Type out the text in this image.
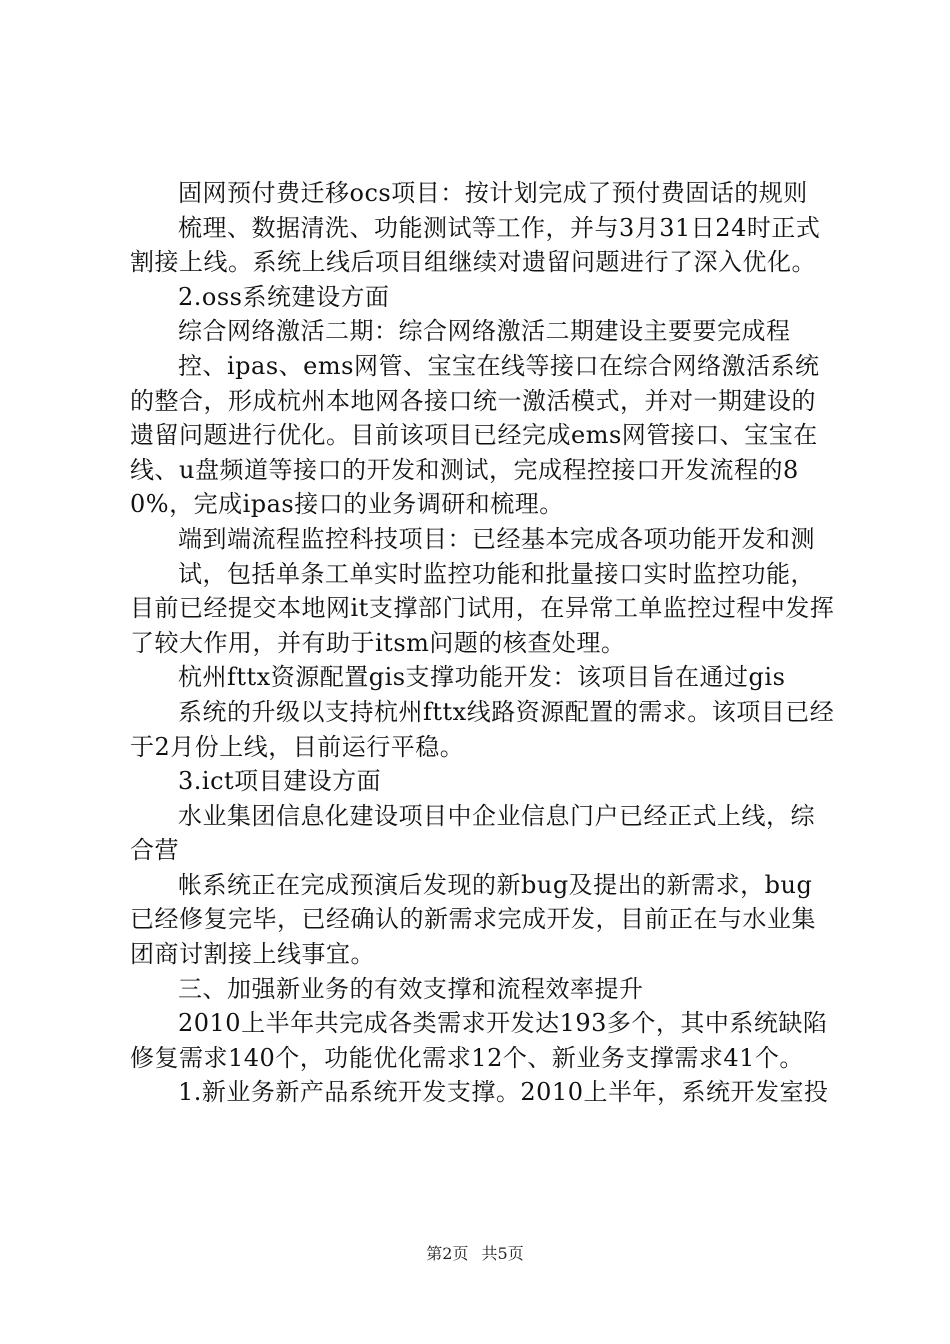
固网预付费迁移ocs项目：按计划完成了预付费固话的规则

梳理、数据清洗、功能测试等工作，并与3月31日24时正式割接上线。系统上线后项目组继续对遗留问题进行了深入优化。

2.oss系统建设方面

综合网络激活二期：综合网络激活二期建设主要要完成程

控、ipas、ems网管、宝宝在线等接口在综合网络激活系统的整合，形成杭州本地网各接口统一激活模式，并对一期建设的遗留问题进行优化。目前该项目已经完成ems网管接口、宝宝在线、u盘频道等接口的开发和测试，完成程控接口开发流程的80%，完成ipas接口的业务调研和梳理。

端到端流程监控科技项目：已经基本完成各项功能开发和测

试，包括单条工单实时监控功能和批量接口实时监控功能，目前已经提交本地网it支撑部门试用，在异常工单监控过程中发挥了较大作用，并有助于itsm问题的核查处理。

杭州fttx资源配置gis支撑功能开发：该项目旨在通过gis

系统的升级以支持杭州fttx线路资源配置的需求。该项目已经于2月份上线，目前运行平稳。

3.ict项目建设方面

水业集团信息化建设项目中企业信息门户已经正式上线，综合营

帐系统正在完成预演后发现的新bug及提出的新需求，bug已经修复完毕，已经确认的新需求完成开发，目前正在与水业集团商讨割接上线事宜。

三、加强新业务的有效支撑和流程效率提升

2010上半年共完成各类需求开发达193多个，其中系统缺陷修复需求140个，功能优化需求12个、新业务支撑需求41个。

1.新业务新产品系统开发支撑。2010上半年，系统开发室投

第2页 共5页
